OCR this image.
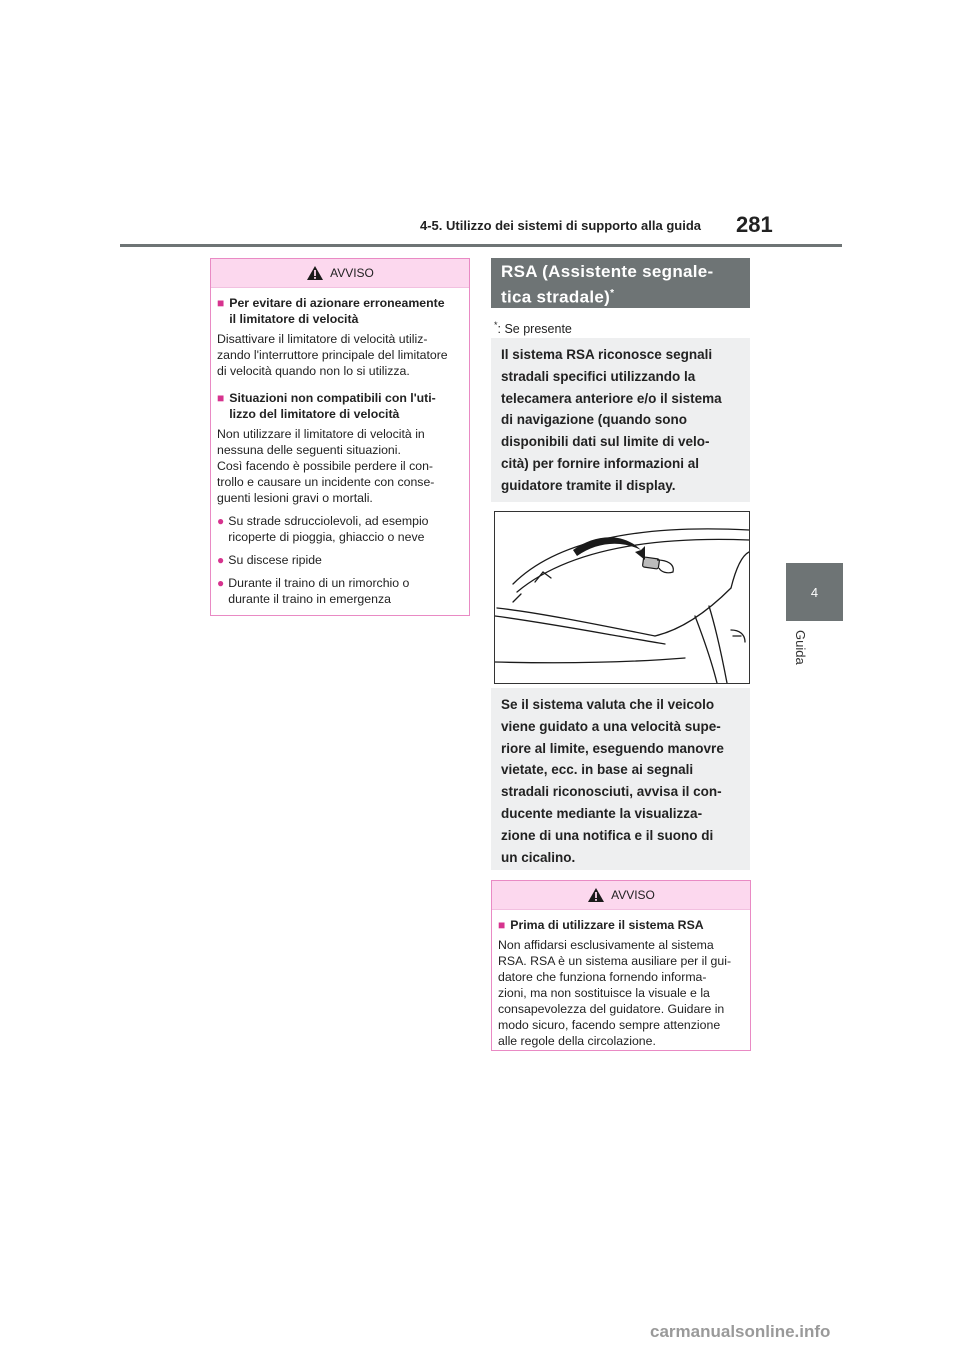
4-5. Utilizzo dei sistemi di supporto alla guida 281
4
Guida
AVVISO
■ Per evitare di azionare erroneamente
il limitatore di velocità

Disattivare il limitatore di velocità utiliz-
zando l'interruttore principale del limitatore
di velocità quando non lo si utilizza.

■ Situazioni non compatibili con l'uti-
lizzo del limitatore di velocità

Non utilizzare il limitatore di velocità in
nessuna delle seguenti situazioni.
Così facendo è possibile perdere il con-
trollo e causare un incidente con conse-
guenti lesioni gravi o mortali.

● Su strade sdrucciolevoli, ad esempio
ricoperte di pioggia, ghiaccio o neve
● Su discese ripide
● Durante il traino di un rimorchio o
durante il traino in emergenza
RSA (Assistente segnale-
tica stradale)*
*: Se presente
Il sistema RSA riconosce segnali
stradali specifici utilizzando la
telecamera anteriore e/o il sistema
di navigazione (quando sono
disponibili dati sul limite di velo-
cità) per fornire informazioni al
guidatore tramite il display.
Se il sistema valuta che il veicolo
viene guidato a una velocità supe-
riore al limite, eseguendo manovre
vietate, ecc. in base ai segnali
stradali riconosciuti, avvisa il con-
ducente mediante la visualizza-
zione di una notifica e il suono di
un cicalino.
AVVISO
■ Prima di utilizzare il sistema RSA

Non affidarsi esclusivamente al sistema
RSA. RSA è un sistema ausiliare per il gui-
datore che funziona fornendo informa-
zioni, ma non sostituisce la visuale e la
consapevolezza del guidatore. Guidare in
modo sicuro, facendo sempre attenzione
alle regole della circolazione.

carmanualsonline.info
